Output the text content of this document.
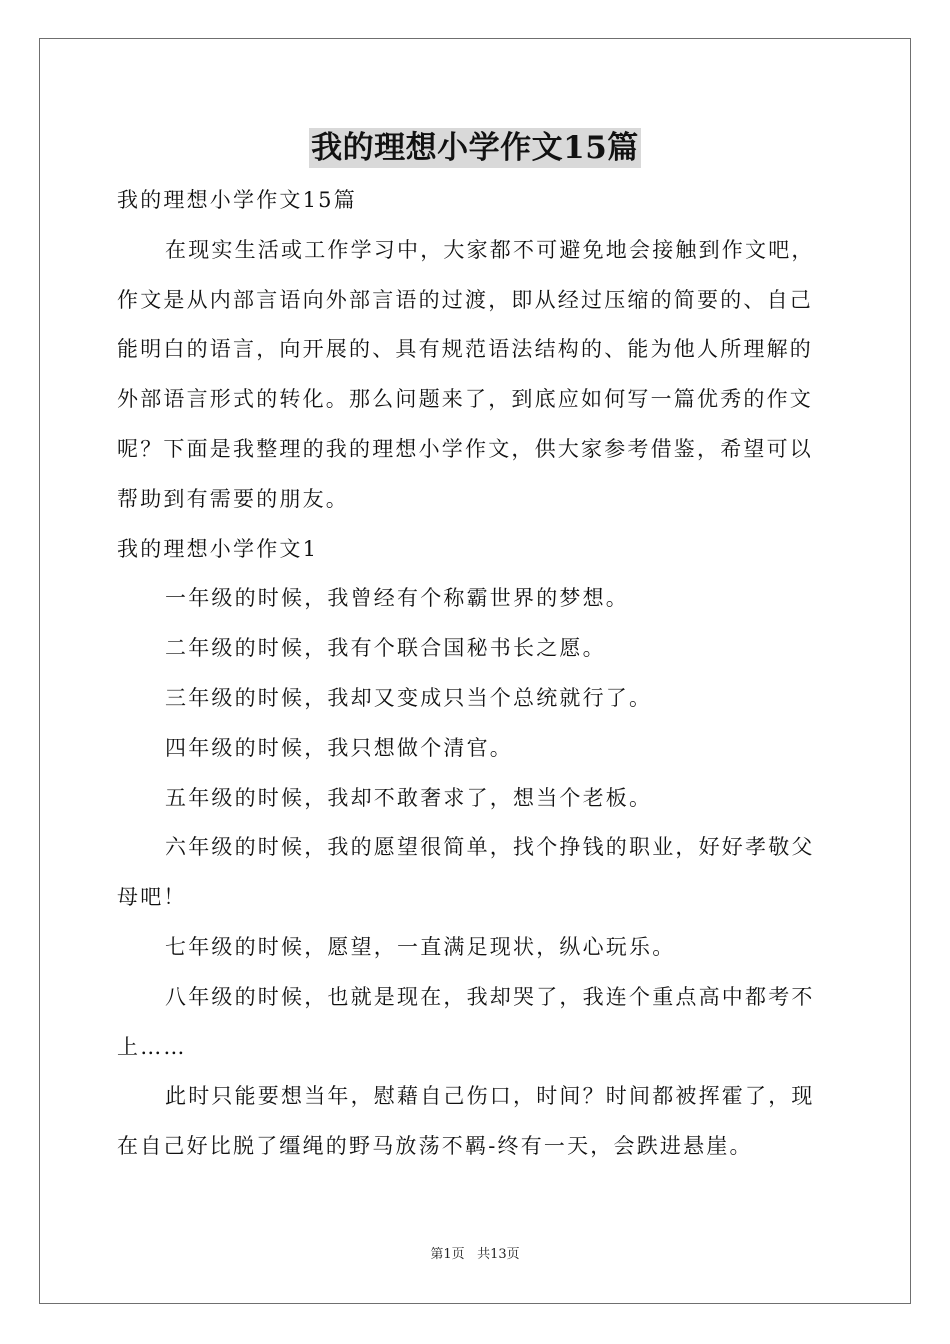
我的理想小学作文15篇

我的理想小学作文15篇

在现实生活或工作学习中，大家都不可避免地会接触到作文吧，作文是从内部言语向外部言语的过渡，即从经过压缩的简要的、自己能明白的语言，向开展的、具有规范语法结构的、能为他人所理解的外部语言形式的转化。那么问题来了，到底应如何写一篇优秀的作文呢？下面是我整理的我的理想小学作文，供大家参考借鉴，希望可以帮助到有需要的朋友。

我的理想小学作文1

一年级的时候，我曾经有个称霸世界的梦想。

二年级的时候，我有个联合国秘书长之愿。

三年级的时候，我却又变成只当个总统就行了。

四年级的时候，我只想做个清官。

五年级的时候，我却不敢奢求了，想当个老板。

六年级的时候，我的愿望很简单，找个挣钱的职业，好好孝敬父母吧！

七年级的时候，愿望，一直满足现状，纵心玩乐。

八年级的时候，也就是现在，我却哭了，我连个重点高中都考不上……

此时只能要想当年，慰藉自己伤口，时间？时间都被挥霍了，现在自己好比脱了缰绳的野马放荡不羁-终有一天，会跌进悬崖。

第1页 共13页
